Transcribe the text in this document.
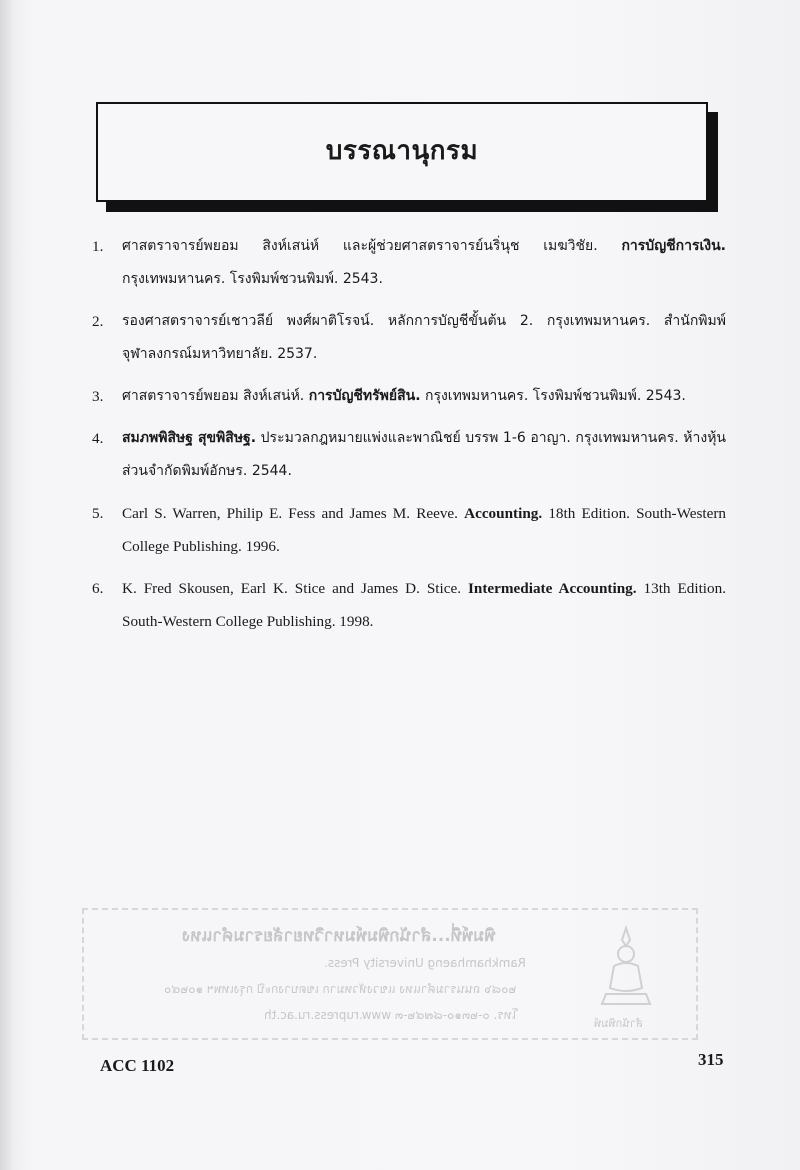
บรรณานุกรม
1.	ศาสตราจารย์พยอม สิงห์เสน่ห์ และผู้ช่วยศาสตราจารย์นริ่นุช เมฆวิชัย. การบัญชีการเงิน. กรุงเทพมหานคร. โรงพิมพ์ชวนพิมพ์. 2543.
2.	รองศาสตราจารย์เชาวลีย์ พงศ์ผาติโรจน์. หลักการบัญชีขั้นต้น 2. กรุงเทพมหานคร. สำนักพิมพ์จุฬาลงกรณ์มหาวิทยาลัย. 2537.
3.	ศาสตราจารย์พยอม สิงห์เสน่ห์. การบัญชีทรัพย์สิน. กรุงเทพมหานคร. โรงพิมพ์ชวนพิมพ์. 2543.
4.	สมภพพิสิษฐ สุขพิสิษฐ. ประมวลกฎหมายแพ่งและพาณิชย์ บรรพ 1-6 อาญา. กรุงเทพมหานคร. ห้างหุ้นส่วนจำกัดพิมพ์อักษร. 2544.
5.	Carl S. Warren, Philip E. Fess and James M. Reeve. Accounting. 18th Edition. South-Western College Publishing. 1996.
6.	K. Fred Skousen, Earl K. Stice and James D. Stice. Intermediate Accounting. 13th Edition. South-Western College Publishing. 1998.
พิมพ์ที่...สำนักพิมพ์มหาวิทยาลัยรามคำแหง
Ramkhamhaeng University Press.
๒๐๘๖ ถนนรามคำแหง แขวงหัวหมาก เขตบางกะปิ กรุงเทพฯ ๑๐๒๔๐
โทร. ๐-๒๓๑๐-๘๗๔๒-๓ www.rupress.ru.ac.th
สำนักพิมพ์
ACC 1102	315
